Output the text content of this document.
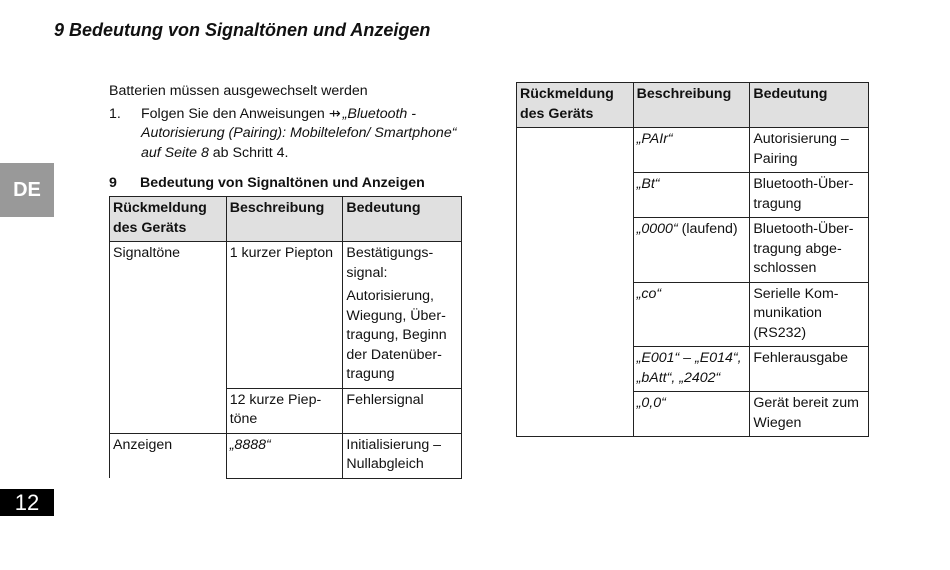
9 Bedeutung von Signaltönen und Anzeigen
DE
12
Batterien müssen ausgewechselt werden
1.	Folgen Sie den Anweisungen ⇸ „Bluetooth - Autorisierung (Pairing): Mobiltelefon/ Smartphone“ auf Seite 8 ab Schritt 4.
9	Bedeutung von Signaltönen und Anzeigen
Rückmeldung des Geräts	Beschreibung	Bedeutung
Signaltöne	1 kurzer Piepton	Bestätigungssignal:

Autorisierung, Wiegung, Übertragung, Beginn der Datenübertragung

	12 kurze Pieptöne	Fehlersignal
Anzeigen	„8888“	Initialisierung – Nullabgleich
Rückmeldung des Geräts	Beschreibung	Bedeutung
	„PAIr“	Autorisierung – Pairing
	„Bt“	Bluetooth-Übertragung
	„0000“ (laufend)	Bluetooth-Übertragung abgeschlossen
	„co“	Serielle Kommunikation (RS232)
	„E001“ – „E014“, „bAtt“, „2402“	Fehlerausgabe
	„0,0“	Gerät bereit zum Wiegen
